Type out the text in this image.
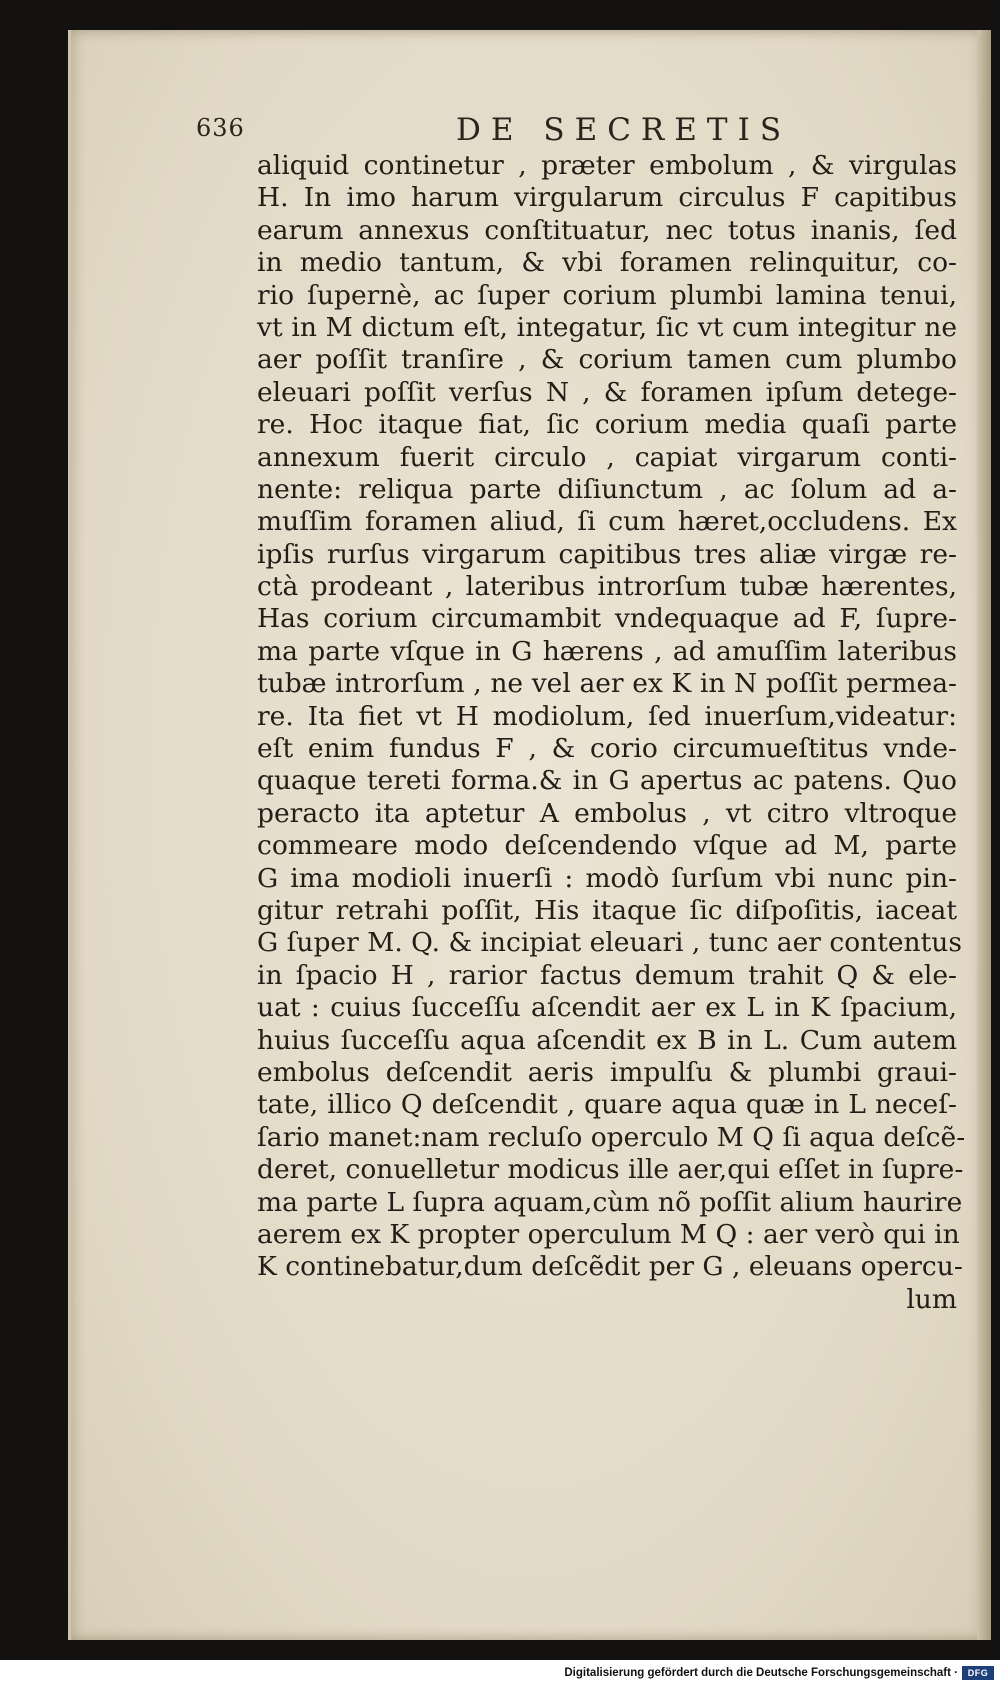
636	DE SECRETIS
aliquid continetur , præter embolum , & virgulas
H. In imo harum virgularum circulus F capitibus
earum annexus conſtituatur, nec totus inanis, ſed
in medio tantum, & vbi foramen relinquitur, co-
rio ſupernè, ac ſuper corium plumbi lamina tenui,
vt in M dictum eſt, integatur, ſic vt cum integitur ne
aer poſſit tranſire , & corium tamen cum plumbo
eleuari poſſit verſus N , & foramen ipſum detege-
re. Hoc itaque fiat, ſic corium media quaſi parte
annexum fuerit circulo , capiat virgarum conti-
nente: reliqua parte diſiunctum , ac ſolum ad a-
muſſim foramen aliud, ſi cum hæret,occludens. Ex
ipſis rurſus virgarum capitibus tres aliæ virgæ re-
ctà prodeant , lateribus introrſum tubæ hærentes,
Has corium circumambit vndequaque ad F, ſupre-
ma parte vſque in G hærens , ad amuſſim lateribus
tubæ introrſum , ne vel aer ex K in N poſſit permea-
re. Ita fiet vt H modiolum, ſed inuerſum,videatur:
eſt enim fundus F , & corio circumueſtitus vnde-
quaque tereti forma.& in G apertus ac patens. Quo
peracto ita aptetur A embolus , vt citro vltroque
commeare modo deſcendendo vſque ad M, parte
G ima modioli inuerſi : modò ſurſum vbi nunc pin-
gitur retrahi poſſit, His itaque ſic diſpoſitis, iaceat
G ſuper M. Q. & incipiat eleuari , tunc aer contentus
in ſpacio H , rarior factus demum trahit Q & ele-
uat : cuius ſucceſſu aſcendit aer ex L in K ſpacium,
huius ſucceſſu aqua aſcendit ex B in L. Cum autem
embolus deſcendit aeris impulſu & plumbi graui-
tate, illico Q deſcendit , quare aqua quæ in L neceſ-
ſario manet:nam recluſo operculo M Q ſi aqua deſcẽ-
deret, conuelletur modicus ille aer,qui eſſet in ſupre-
ma parte L ſupra aquam,cùm nõ poſſit alium haurire
aerem ex K propter operculum M Q : aer verò qui in
K continebatur,dum deſcẽdit per G , eleuans opercu-
lum
Digitalisierung gefördert durch die Deutsche Forschungsgemeinschaft ·	DFG
